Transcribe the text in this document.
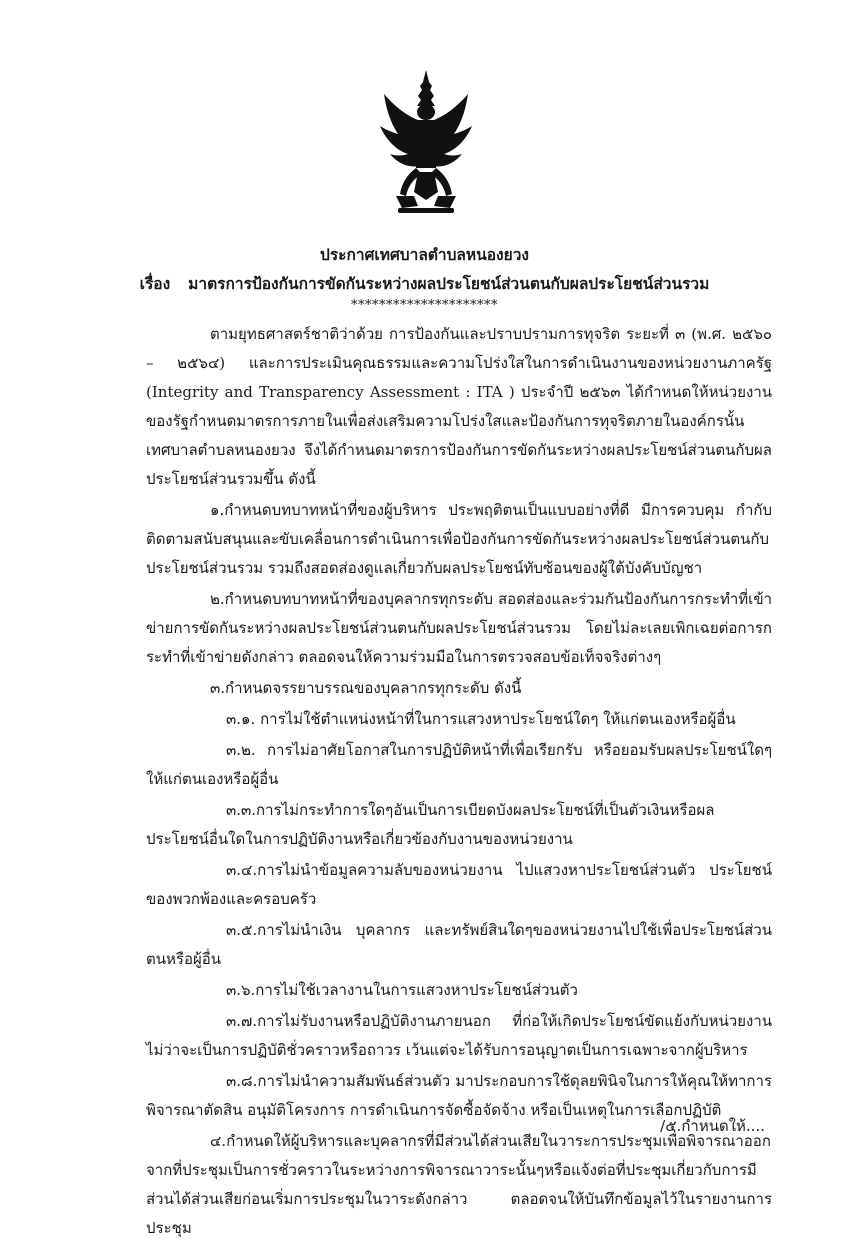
ประกาศเทศบาลตำบลหนองยวง
เรื่อง มาตรการป้องกันการขัดกันระหว่างผลประโยชน์ส่วนตนกับผลประโยชน์ส่วนรวม
*********************

ตามยุทธศาสตร์ชาติว่าด้วย การป้องกันและปราบปรามการทุจริต ระยะที่ ๓ (พ.ศ. ๒๕๖๐ – ๒๕๖๔) และการประเมินคุณธรรมและความโปร่งใสในการดำเนินงานของหน่วยงานภาครัฐ (Integrity and Transparency Assessment : ITA ) ประจำปี ๒๕๖๓ ได้กำหนดให้หน่วยงานของรัฐกำหนดมาตรการภายในเพื่อส่งเสริมความโปร่งใสและป้องกันการทุจริตภายในองค์กรนั้น เทศบาลตำบลหนองยวง จึงได้กำหนดมาตรการป้องกันการขัดกันระหว่างผลประโยชน์ส่วนตนกับผลประโยชน์ส่วนรวมขึ้น ดังนี้

๑.กำหนดบทบาทหน้าที่ของผู้บริหาร ประพฤติตนเป็นแบบอย่างที่ดี มีการควบคุม กำกับ ติดตามสนับสนุนและขับเคลื่อนการดำเนินการเพื่อป้องกันการขัดกันระหว่างผลประโยชน์ส่วนตนกับประโยชน์ส่วนรวม รวมถึงสอดส่องดูแลเกี่ยวกับผลประโยชน์ทับซ้อนของผู้ใต้บังคับบัญชา

๒.กำหนดบทบาทหน้าที่ของบุคลากรทุกระดับ สอดส่องและร่วมกันป้องกันการกระทำที่เข้าข่ายการขัดกันระหว่างผลประโยชน์ส่วนตนกับผลประโยชน์ส่วนรวม โดยไม่ละเลยเพิกเฉยต่อการกระทำที่เข้าข่ายดังกล่าว ตลอดจนให้ความร่วมมือในการตรวจสอบข้อเท็จจริงต่างๆ

๓.กำหนดจรรยาบรรณของบุคลากรทุกระดับ ดังนี้

๓.๑. การไม่ใช้ตำแหน่งหน้าที่ในการแสวงหาประโยชน์ใดๆ ให้แก่ตนเองหรือผู้อื่น

๓.๒. การไม่อาศัยโอกาสในการปฏิบัติหน้าที่เพื่อเรียกรับ หรือยอมรับผลประโยชน์ใดๆให้แก่ตนเองหรือผู้อื่น

๓.๓.การไม่กระทำการใดๆอันเป็นการเบียดบังผลประโยชน์ที่เป็นตัวเงินหรือผลประโยชน์อื่นใดในการปฏิบัติงานหรือเกี่ยวข้องกับงานของหน่วยงาน

๓.๔.การไม่นำข้อมูลความลับของหน่วยงาน ไปแสวงหาประโยชน์ส่วนตัว ประโยชน์ของพวกพ้องและครอบครัว

๓.๕.การไม่นำเงิน บุคลากร และทรัพย์สินใดๆของหน่วยงานไปใช้เพื่อประโยชน์ส่วนตนหรือผู้อื่น

๓.๖.การไม่ใช้เวลางานในการแสวงหาประโยชน์ส่วนตัว

๓.๗.การไม่รับงานหรือปฏิบัติงานภายนอก ที่ก่อให้เกิดประโยชน์ขัดแย้งกับหน่วยงานไม่ว่าจะเป็นการปฏิบัติชั่วคราวหรือถาวร เว้นแต่จะได้รับการอนุญาตเป็นการเฉพาะจากผู้บริหาร

๓.๘.การไม่นำความสัมพันธ์ส่วนตัว มาประกอบการใช้ดุลยพินิจในการให้คุณให้ทาการพิจารณาตัดสิน อนุมัติโครงการ การดำเนินการจัดซื้อจัดจ้าง หรือเป็นเหตุในการเลือกปฏิบัติ

๔.กำหนดให้ผู้บริหารและบุคลากรที่มีส่วนได้ส่วนเสียในวาระการประชุมเพื่อพิจารณาออกจากที่ประชุมเป็นการชั่วคราวในระหว่างการพิจารณาวาระนั้นๆหรือแจ้งต่อที่ประชุมเกี่ยวกับการมีส่วนได้ส่วนเสียก่อนเริ่มการประชุมในวาระดังกล่าว ตลอดจนให้บันทึกข้อมูลไว้ในรายงานการประชุม

/๕.กำหนดให้....
